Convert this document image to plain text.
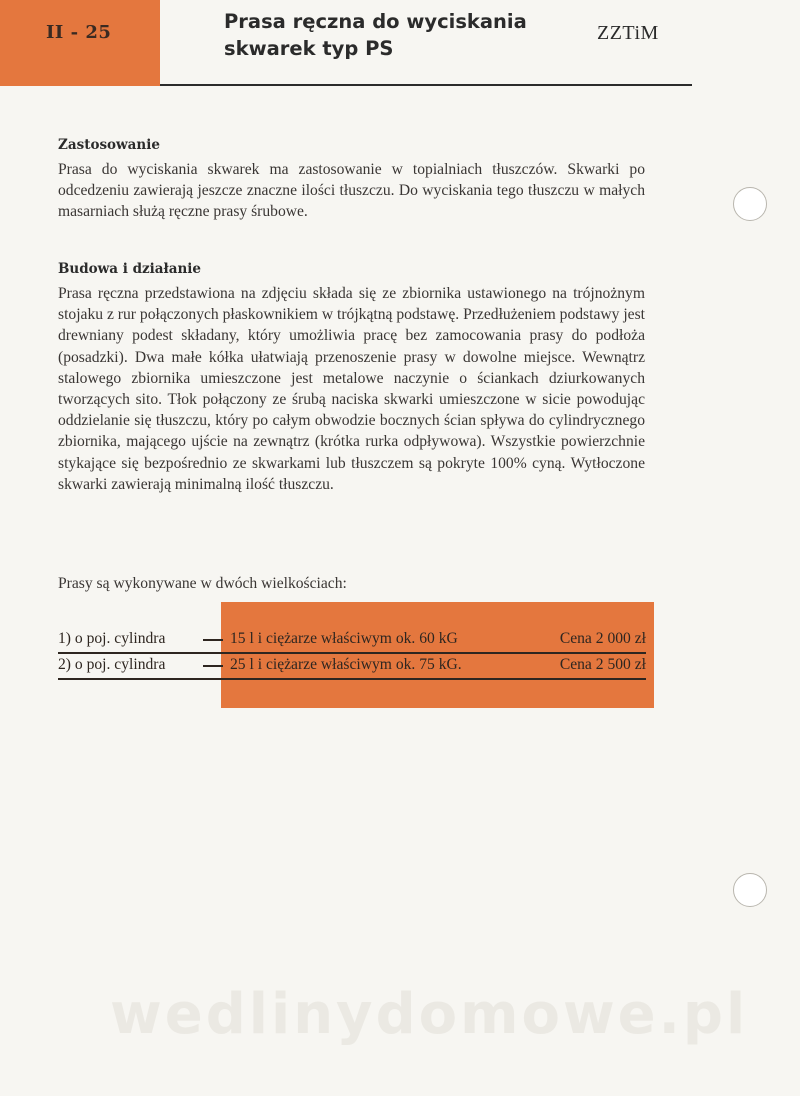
II - 25	Prasa ręczna do wyciskania
skwarek typ PS
ZZTiM
Zastosowanie

Prasa do wyciskania skwarek ma zastosowanie w topialniach tłuszczów. Skwarki po odcedzeniu zawierają jeszcze znaczne ilości tłuszczu. Do wyciskania tego tłuszczu w małych masarniach służą ręczne prasy śrubowe.

Budowa i działanie

Prasa ręczna przedstawiona na zdjęciu składa się ze zbiornika ustawionego na trójnożnym stojaku z rur połączonych płaskownikiem w trójkątną podstawę. Przedłużeniem podstawy jest drewniany podest składany, który umożliwia pracę bez zamocowania prasy do podłoża (posadzki). Dwa małe kółka ułatwiają przenoszenie prasy w dowolne miejsce. Wewnątrz stalowego zbiornika umieszczone jest metalowe naczynie o ściankach dziurkowanych tworzących sito. Tłok połączony ze śrubą naciska skwarki umieszczone w sicie powodując oddzielanie się tłuszczu, który po całym obwodzie bocznych ścian spływa do cylindrycznego zbiornika, mającego ujście na zewnątrz (krótka rurka odpływowa). Wszystkie powierzchnie stykające się bezpośrednio ze skwarkami lub tłuszczem są pokryte 100% cyną. Wytłoczone skwarki zawierają minimalną ilość tłuszczu.

Prasy są wykonywane w dwóch wielkościach:
1) o poj. cylindra	15 l i ciężarze właściwym ok. 60 kG	Cena 2 000 zł
2) o poj. cylindra	25 l i ciężarze właściwym ok. 75 kG.	Cena 2 500 zł
wedlinydomowe.pl
